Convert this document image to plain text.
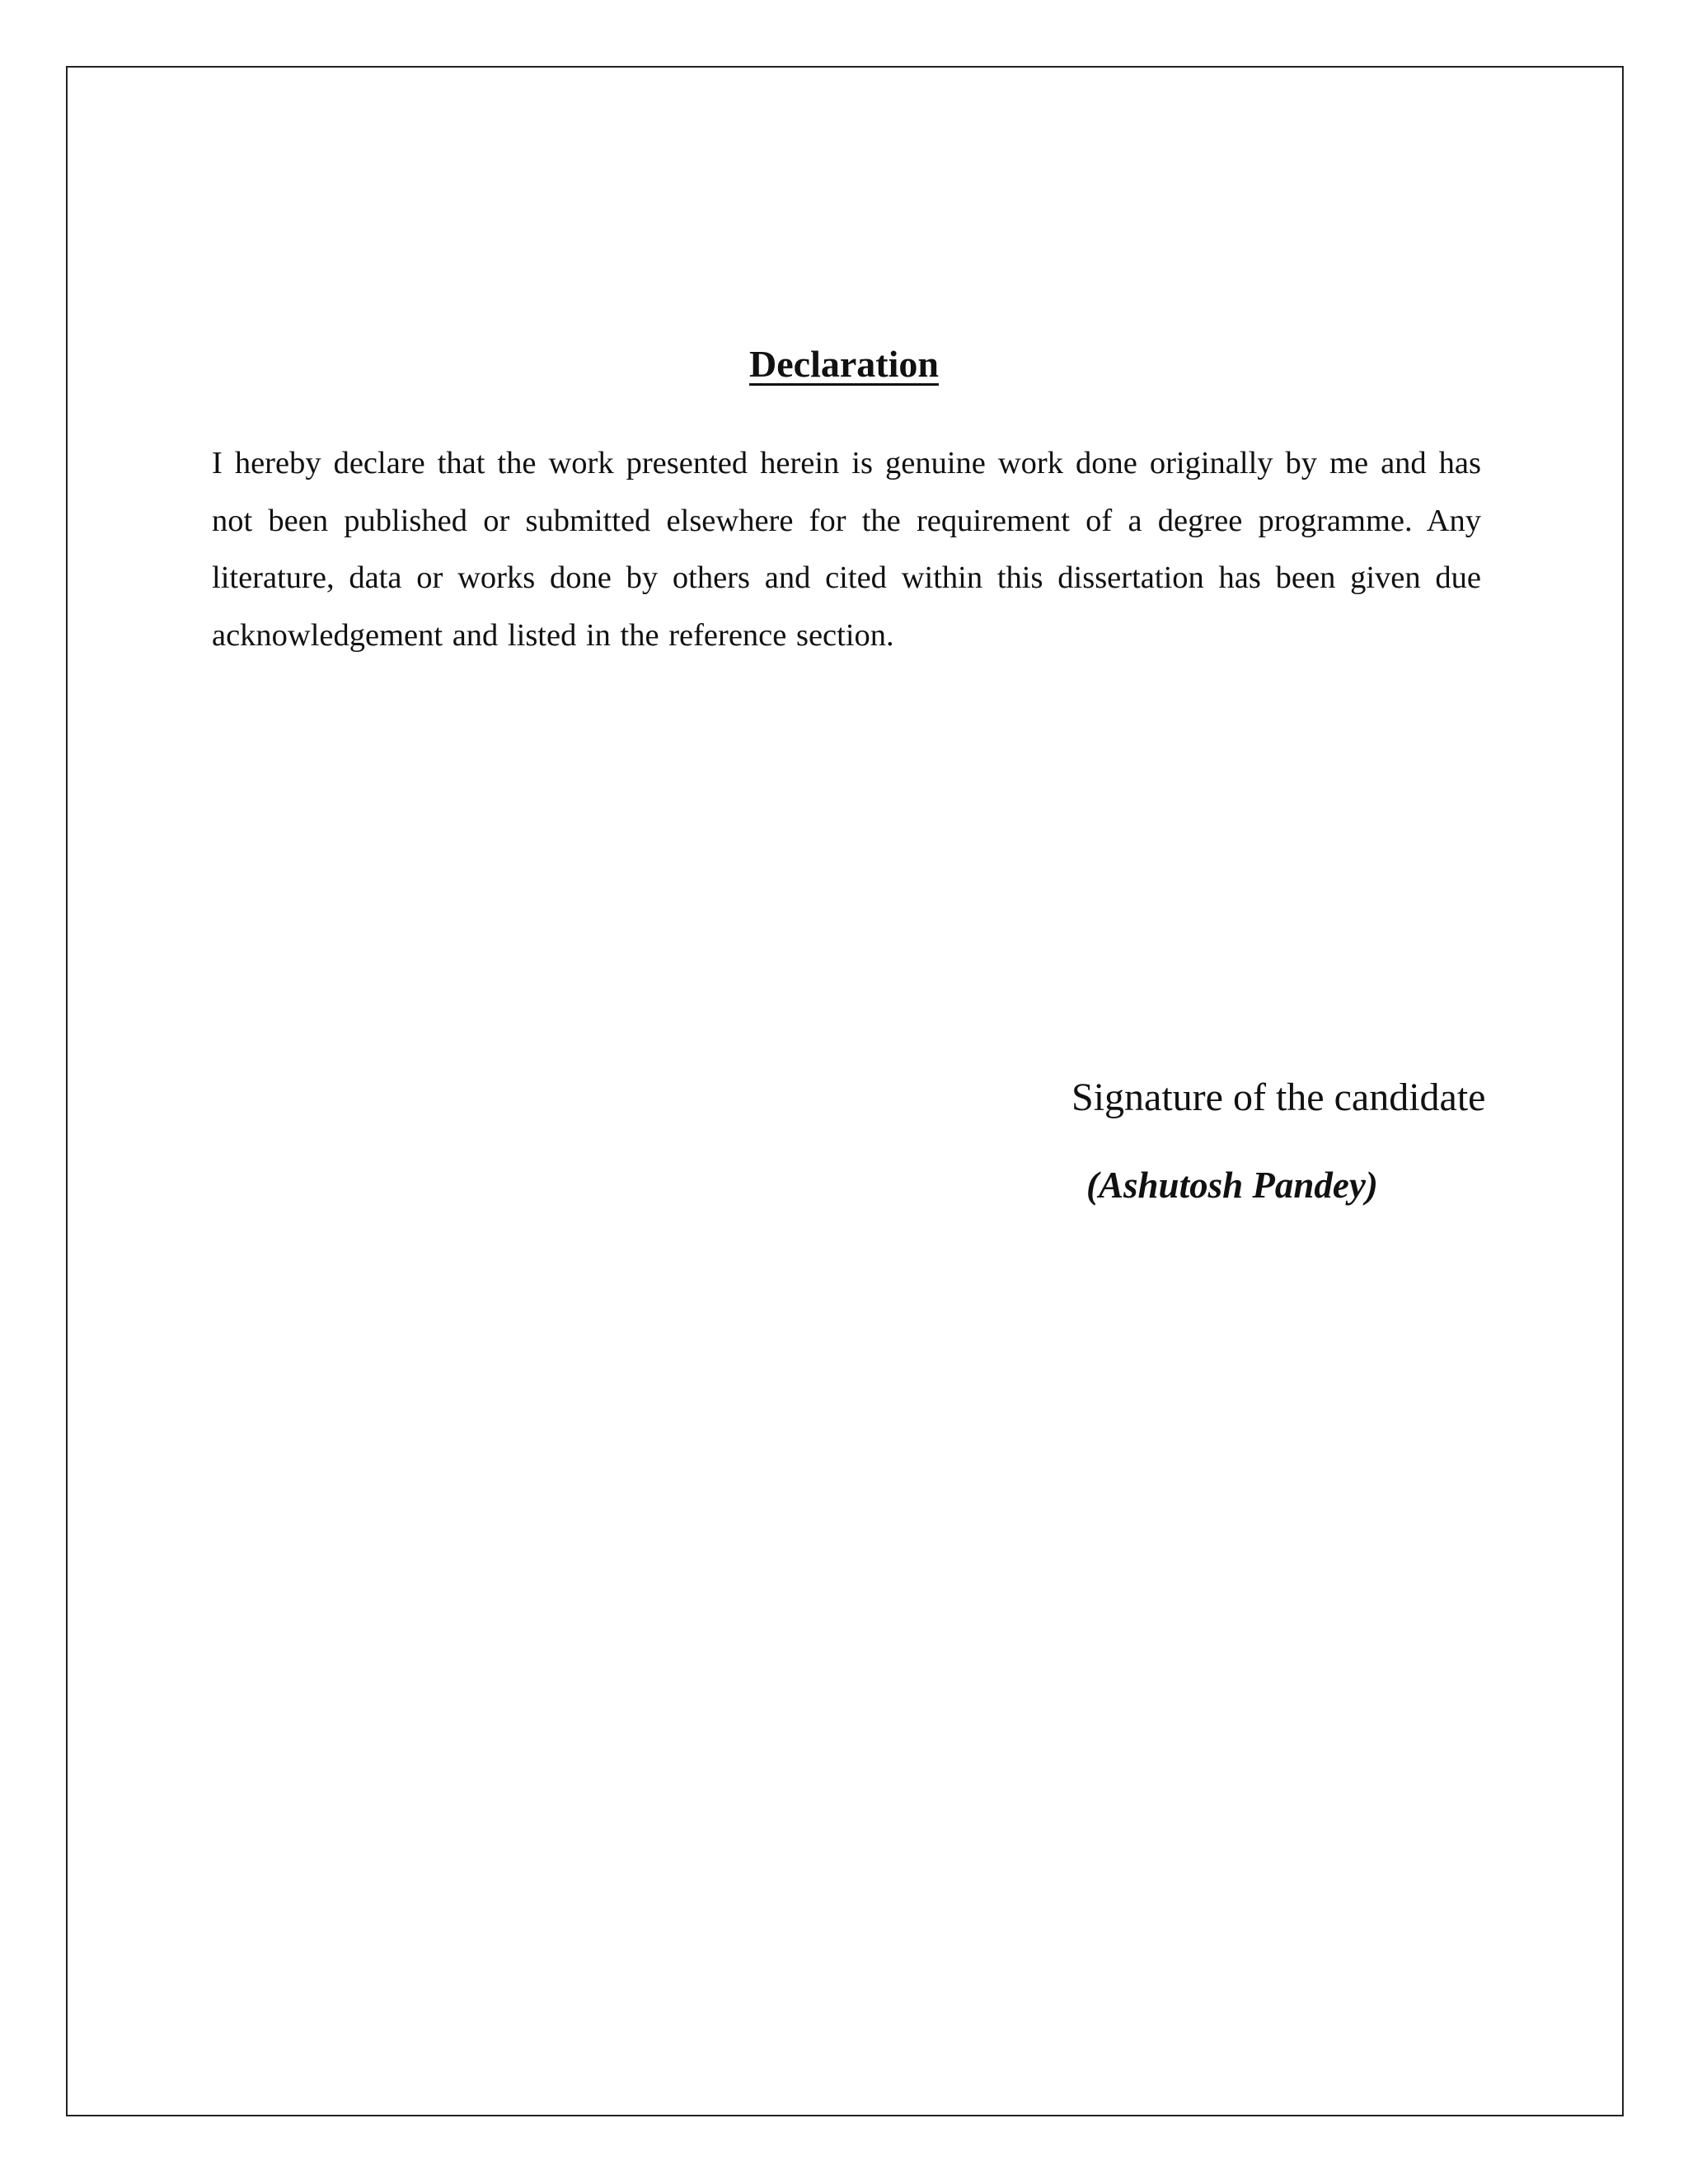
Declaration
I hereby declare that the work presented herein is genuine work done originally by me and has not been published or submitted elsewhere for the requirement of a degree programme. Any literature, data or works done by others and cited within this dissertation has been given due acknowledgement and listed in the reference section.
Signature of the candidate
(Ashutosh Pandey)
